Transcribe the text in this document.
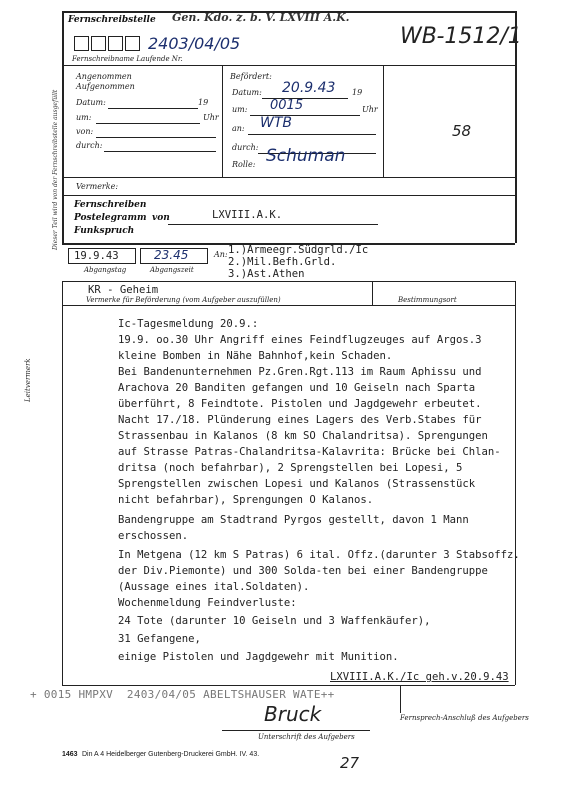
Dieser Teil wird von der Fernschreibstelle ausgefüllt
Fernschreibstelle Gen. Kdo. z. b. V. LXVIII A.K.
2403/04/05
Fernschreibname Laufende Nr.
WB-1512/1
Angenommen
Aufgenommen
Datum:	19
um:	Uhr
von:
durch:
Befördert:
Datum: 20.9.43 19
um: 0015	Uhr
an: WTB
durch:
Rolle: Schuman
58
Vermerke:
Fernschreiben
Postelegramm von	LXVIII.A.K.
Funkspruch
19.9.43
Abgangstag
23.45
Abgangszeit
An: 1.)Armeegr.Südgrld./Ic
2.)Mil.Befh.Grld.
3.)Ast.Athen
KR - Geheim
Vermerke für Beförderung (vom Aufgeber auszufüllen)	Bestimmungsort
Leitvermerk
Ic-Tagesmeldung 20.9.:
19.9. oo.30 Uhr Angriff eines Feindflugzeuges auf Argos.3
kleine Bomben in Nähe Bahnhof,kein Schaden.
Bei Bandenunternehmen Pz.Gren.Rgt.113 im Raum Aphissu und
Arachova 20 Banditen gefangen und 10 Geiseln nach Sparta
überführt, 8 Feindtote. Pistolen und Jagdgewehr erbeutet.
Nacht 17./18. Plünderung eines Lagers des Verb.Stabes für
Strassenbau in Kalanos (8 km SO Chalandritsa). Sprengungen
auf Strasse Patras-Chalandritsa-Kalavrita: Brücke bei Chlan-
dritsa (noch befahrbar), 2 Sprengstellen bei Lopesi, 5
Sprengstellen zwischen Lopesi und Kalanos (Strassenstück
nicht befahrbar), Sprengungen O Kalanos.
Bandengruppe am Stadtrand Pyrgos gestellt, davon 1 Mann
erschossen.
In Metgena (12 km S Patras) 6 ital. Offz.(darunter 3 Stabsoffz.
der Div.Piemonte) und 300 Solda-ten bei einer Bandengruppe
(Aussage eines ital.Soldaten).
Wochenmeldung Feindverluste:
24 Tote (darunter 10 Geiseln und 3 Waffenkäufer),
31 Gefangene,
einige Pistolen und Jagdgewehr mit Munition.
LXVIII.A.K./Ic geh.v.20.9.43
+ 0015 HMPXV  2403/04/05 ABELTSHAUSER WATE++
Fernsprech-Anschluß des Aufgebers
Bruck
Unterschrift des Aufgebers
1463 Din A 4 Heidelberger Gutenberg-Druckerei GmbH. IV. 43.	27
